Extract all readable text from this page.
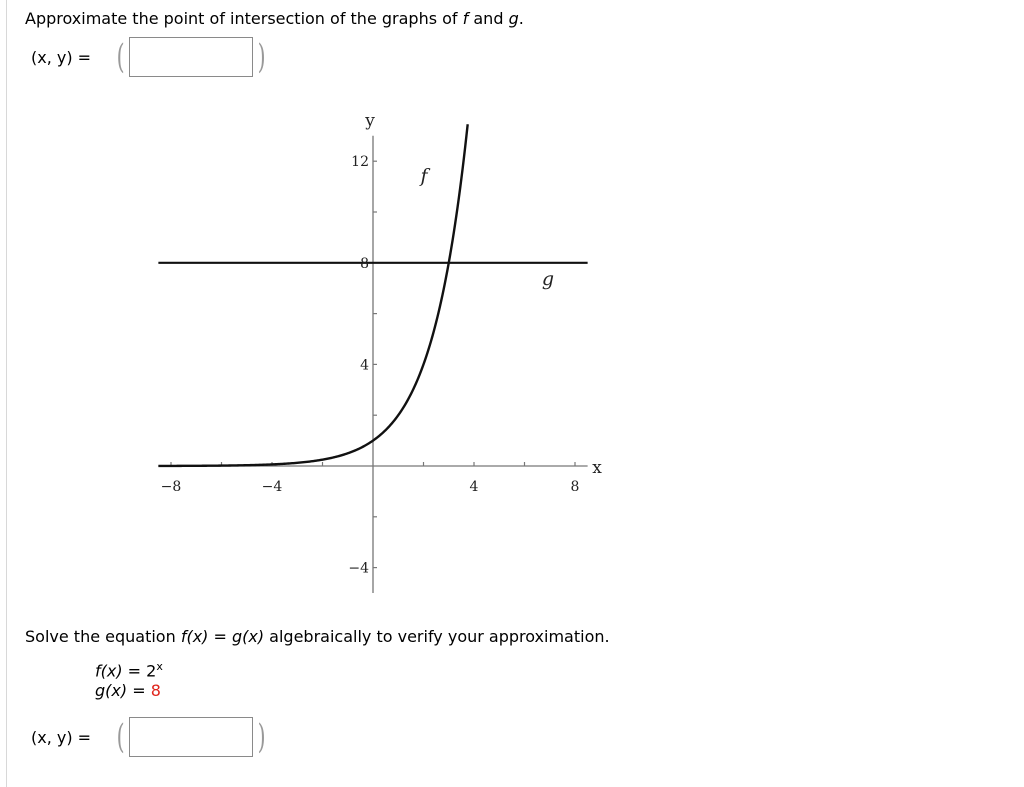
Approximate the point of intersection of the graphs of f and g.
(x, y) = (	)
−8	−4	4	8
12
8
4
−4
x
y
f
g
Solve the equation f(x) = g(x) algebraically to verify your approximation.
$f(x) = 2^x$
g(x) = 8
(x, y) = (	)
